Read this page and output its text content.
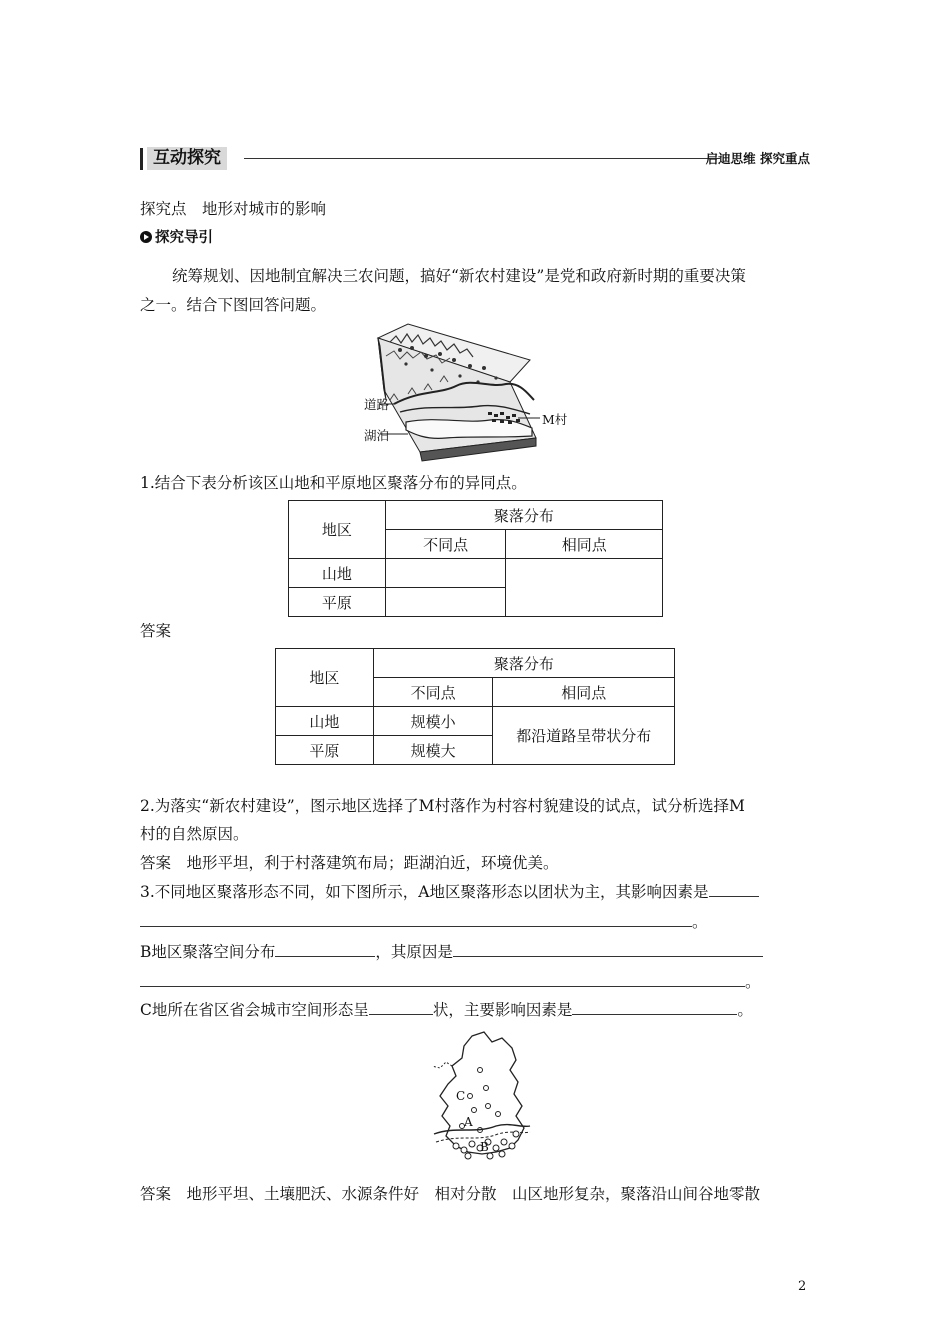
互动探究	启迪思维 探究重点
探究点　地形对城市的影响
探究导引
统筹规划、因地制宜解决三农问题，搞好“新农村建设”是党和政府新时期的重要决策
之一。结合下图回答问题。
道路
湖泊
M村
1.结合下表分析该区山地和平原地区聚落分布的异同点。
地区	聚落分布	
	不同点	相同点
山地		
平原		
答案
地区	聚落分布	
	不同点	相同点
山地	规模小	都沿道路呈带状分布
平原	规模大	
2.为落实“新农村建设”，图示地区选择了M村落作为村容村貌建设的试点，试分析选择M
村的自然原因。
答案　地形平坦，利于村落建筑布局；距湖泊近，环境优美。
3.不同地区聚落形态不同，如下图所示，A地区聚落形态以团状为主，其影响因素是
。
B地区聚落空间分布	，其原因是
。
C地所在省区省会城市空间形态呈	状，主要影响因素是	。
C
A
B
答案　地形平坦、土壤肥沃、水源条件好　相对分散　山区地形复杂，聚落沿山间谷地零散
2
